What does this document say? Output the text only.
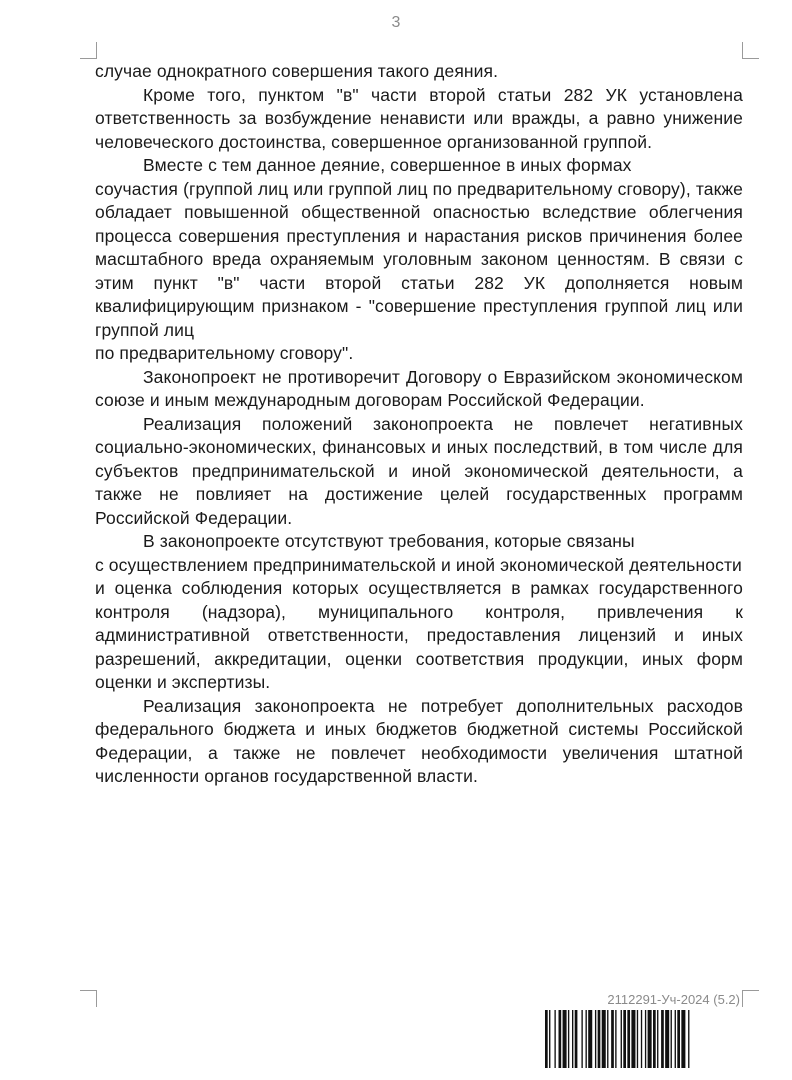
3

случае однократного совершения такого деяния.

Кроме того, пунктом "в" части второй статьи 282 УК установлена ответственность за возбуждение ненависти или вражды, а равно унижение человеческого достоинства, совершенное организованной группой.

Вместе с тем данное деяние, совершенное в иных формах

соучастия (группой лиц или группой лиц по предварительному сговору), также обладает повышенной общественной опасностью вследствие облегчения процесса совершения преступления и нарастания рисков причинения более масштабного вреда охраняемым уголовным законом ценностям. В связи с этим пункт "в" части второй статьи 282 УК дополняется новым квалифицирующим признаком - "совершение преступления группой лиц или группой лиц

по предварительному сговору".

Законопроект не противоречит Договору о Евразийском экономическом союзе и иным международным договорам Российской Федерации.

Реализация положений законопроекта не повлечет негативных социально-экономических, финансовых и иных последствий, в том числе для субъектов предпринимательской и иной экономической деятельности, а также не повлияет на достижение целей государственных программ Российской Федерации.

В законопроекте отсутствуют требования, которые связаны

с осуществлением предпринимательской и иной экономической деятельности

и оценка соблюдения которых осуществляется в рамках государственного контроля (надзора), муниципального контроля, привлечения к административной ответственности, предоставления лицензий и иных разрешений, аккредитации, оценки соответствия продукции, иных форм оценки и экспертизы.

Реализация законопроекта не потребует дополнительных расходов федерального бюджета и иных бюджетов бюджетной системы Российской Федерации, а также не повлечет необходимости увеличения штатной численности органов государственной власти.

2112291-Уч-2024 (5.2)
